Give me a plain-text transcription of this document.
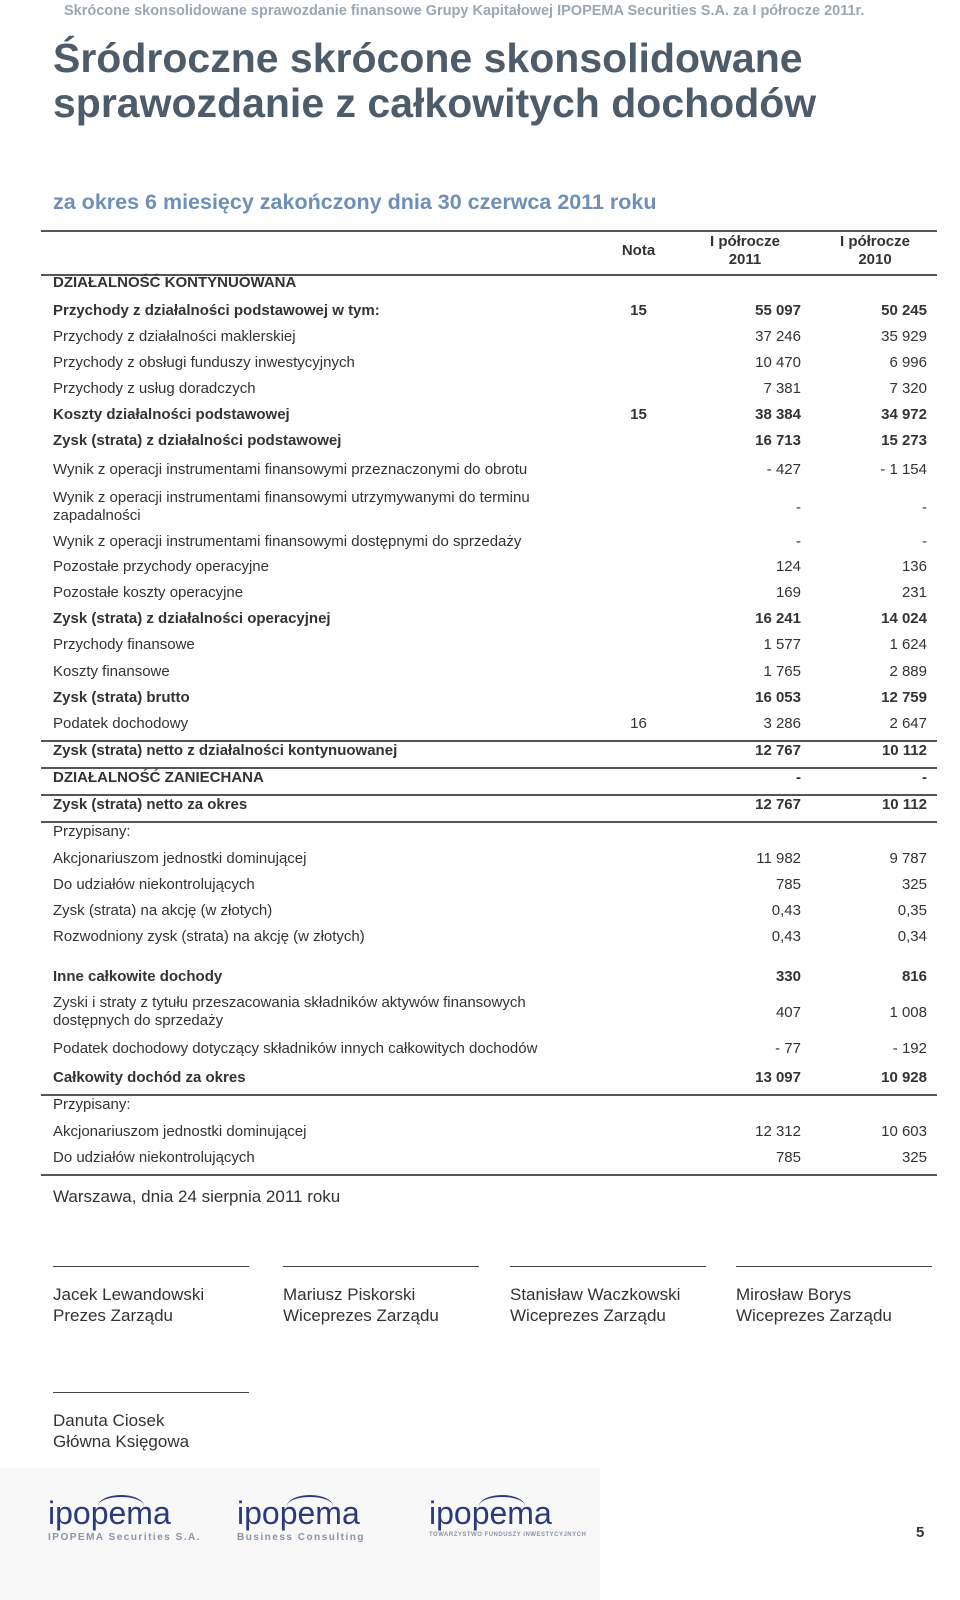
Skrócone skonsolidowane sprawozdanie finansowe Grupy Kapitałowej IPOPEMA Securities S.A. za I półrocze 2011r.
Śródroczne skrócone skonsolidowane sprawozdanie z całkowitych dochodów
za okres 6 miesięcy zakończony dnia 30 czerwca 2011 roku
Nota
I półrocze 2011
I półrocze 2010
DZIAŁALNOŚĆ KONTYNUOWANA
Przychody z działalności podstawowej w tym:	15	55 097	50 245
Przychody z działalności maklerskiej	37 246	35 929
Przychody z obsługi funduszy inwestycyjnych	10 470	6 996
Przychody z usług doradczych	7 381	7 320
Koszty działalności podstawowej	15	38 384	34 972
Zysk (strata) z działalności podstawowej	16 713	15 273
Wynik z operacji instrumentami finansowymi przeznaczonymi do obrotu	- 427	- 1 154
Wynik z operacji instrumentami finansowymi utrzymywanymi do terminu zapadalności	-	-
Wynik z operacji instrumentami finansowymi dostępnymi do sprzedaży	-	-
Pozostałe przychody operacyjne	124	136
Pozostałe koszty operacyjne	169	231
Zysk (strata) z działalności operacyjnej	16 241	14 024
Przychody finansowe	1 577	1 624
Koszty finansowe	1 765	2 889
Zysk (strata) brutto	16 053	12 759
Podatek dochodowy	16	3 286	2 647
Zysk (strata) netto z działalności kontynuowanej	12 767	10 112
DZIAŁALNOŚĆ ZANIECHANA	-	-
Zysk (strata) netto za okres	12 767	10 112
Przypisany:
Akcjonariuszom jednostki dominującej	11 982	9 787
Do udziałów niekontrolujących	785	325
Zysk (strata) na akcję (w złotych)	0,43	0,35
Rozwodniony zysk (strata) na akcję (w złotych)	0,43	0,34
Inne całkowite dochody	330	816
Zyski i straty z tytułu przeszacowania składników aktywów finansowych dostępnych do sprzedaży	407	1 008
Podatek dochodowy dotyczący składników innych całkowitych dochodów	- 77	- 192
Całkowity dochód za okres	13 097	10 928
Przypisany:
Akcjonariuszom jednostki dominującej	12 312	10 603
Do udziałów niekontrolujących	785	325
Warszawa, dnia 24 sierpnia 2011 roku
Jacek Lewandowski
Prezes Zarządu
Mariusz Piskorski
Wiceprezes Zarządu
Stanisław Waczkowski
Wiceprezes Zarządu
Mirosław Borys
Wiceprezes Zarządu
Danuta Ciosek
Główna Księgowa
ipopema
IPOPEMA Securities S.A.
ipopema
Business Consulting
ipopema
TOWARZYSTWO FUNDUSZY INWESTYCYJNYCH	5
